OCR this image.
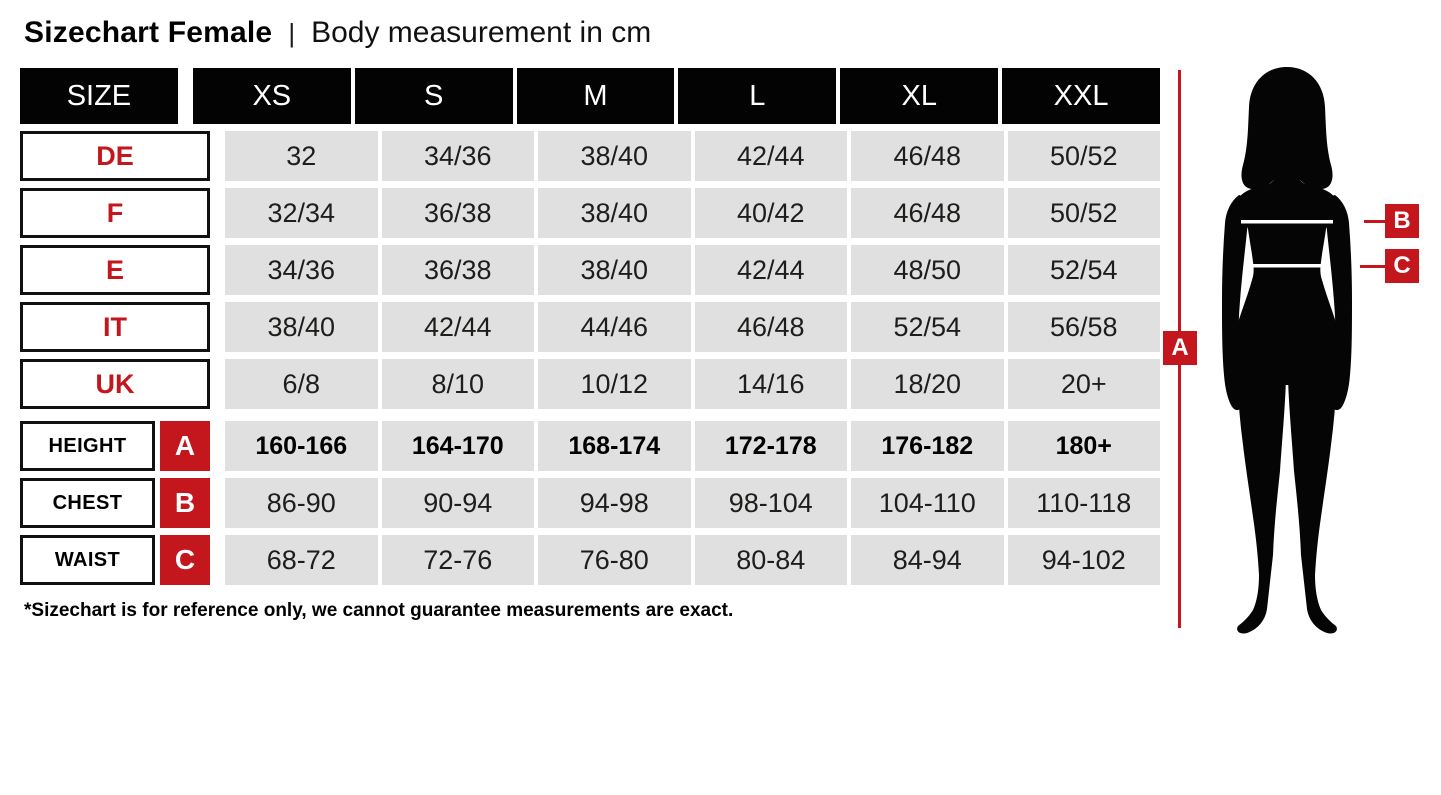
Sizechart Female | Body measurement in cm
SIZE	XS	S	M	L	XL	XXL
DE	32	34/36	38/40	42/44	46/48	50/52
F	32/34	36/38	38/40	40/42	46/48	50/52
E	34/36	36/38	38/40	42/44	48/50	52/54
IT	38/40	42/44	44/46	46/48	52/54	56/58
UK	6/8	8/10	10/12	14/16	18/20	20+
HEIGHT	A	160-166	164-170	168-174	172-178	176-182	180+
CHEST	B	86-90	90-94	94-98	98-104	104-110	110-118
WAIST	C	68-72	72-76	76-80	80-84	84-94	94-102

*Sizechart is for reference only, we cannot guarantee measurements are exact.

A
B
C
